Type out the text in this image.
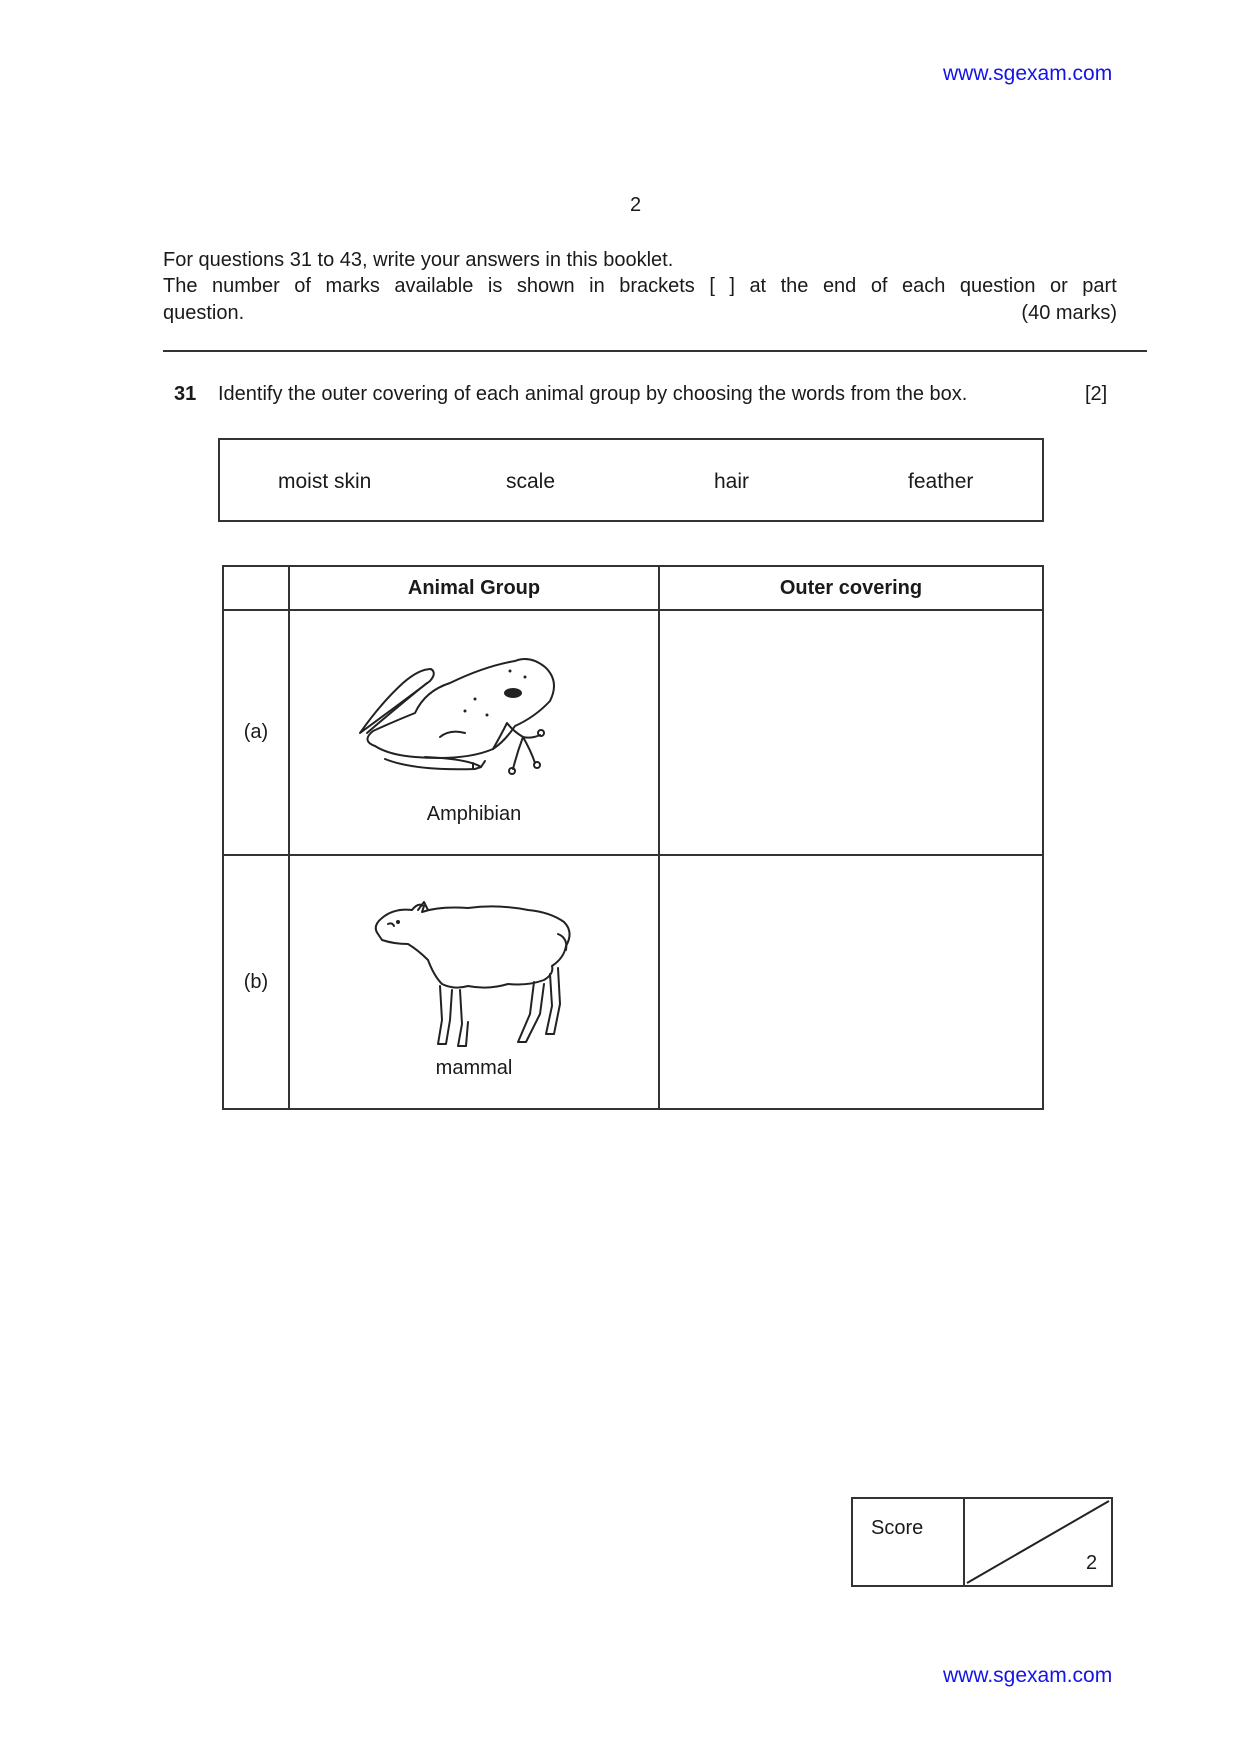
www.sgexam.com
2
For questions 31 to 43, write your answers in this booklet.
The number of marks available is shown in brackets [ ] at the end of each question or part
question.	(40 marks)
31 Identify the outer covering of each animal group by choosing the words from the box.	[2]
moist skin	scale	hair	feather
	Animal Group	Outer covering
(a)	Amphibian	

(b)	mammal	

Score
2
www.sgexam.com
